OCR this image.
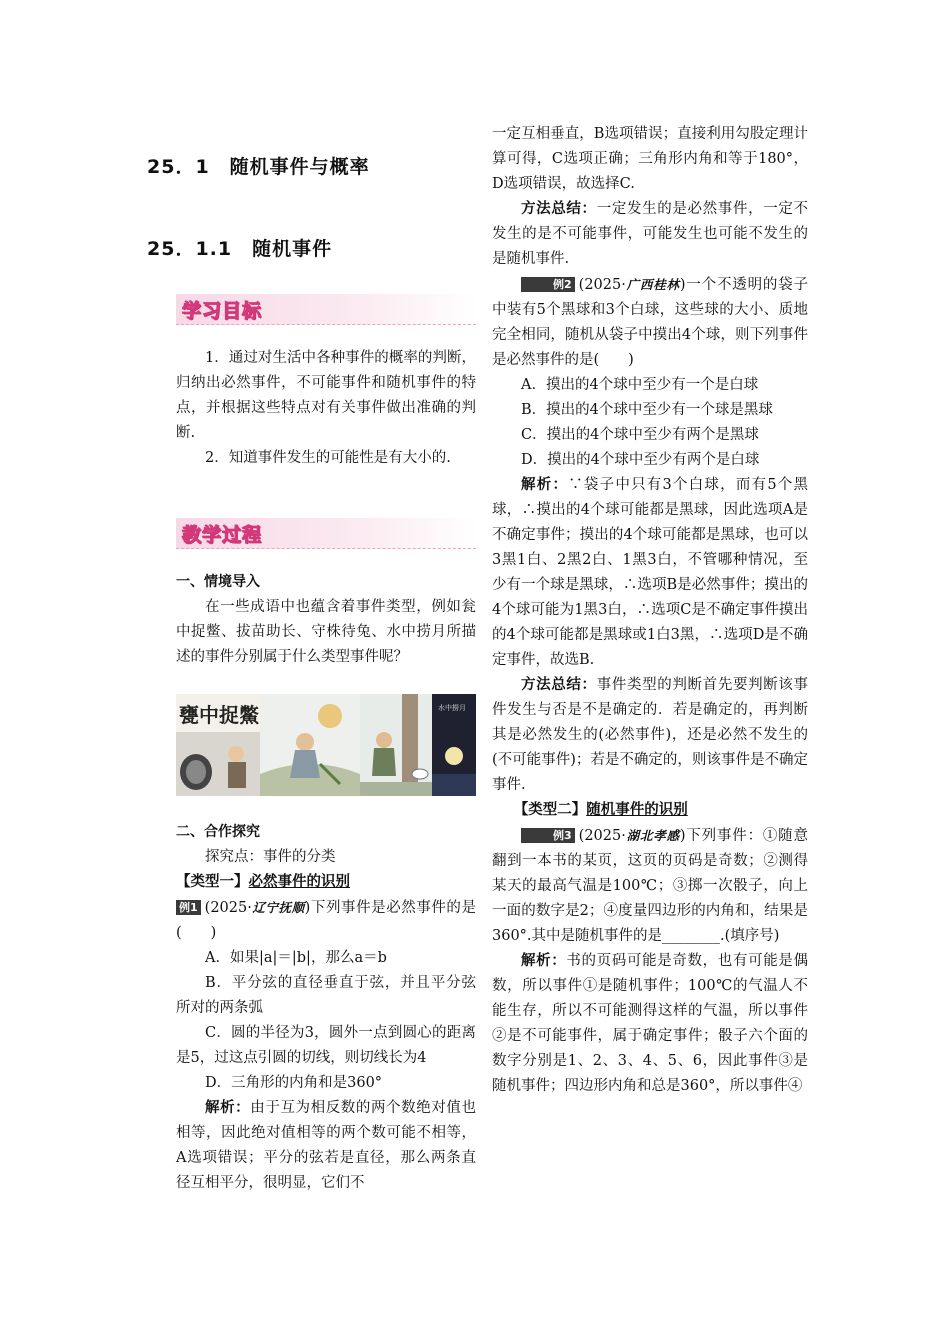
25．1　随机事件与概率
25．1.1　随机事件
学习目标

1．通过对生活中各种事件的概率的判断，归纳出必然事件，不可能事件和随机事件的特点，并根据这些特点对有关事件做出准确的判断.

2．知道事件发生的可能性是有大小的.

教学过程

一、情境导入

在一些成语中也蕴含着事件类型，例如瓮中捉鳖、拔苗助长、守株待兔、水中捞月所描述的事件分别属于什么类型事件呢？

甕中捉鱉	水中撈月

二、合作探究

探究点：事件的分类

【类型一】必然事件的识别

例1 (2025·辽宁抚顺)下列事件是必然事件的是(　　)

A．如果|a|＝|b|，那么a＝b

B．平分弦的直径垂直于弦，并且平分弦所对的两条弧

C．圆的半径为3，圆外一点到圆心的距离是5，过这点引圆的切线，则切线长为4

D．三角形的内角和是360°

解析：由于互为相反数的两个数绝对值也相等，因此绝对值相等的两个数可能不相等，A选项错误；平分的弦若是直径，那么两条直径互相平分，很明显，它们不

一定互相垂直，B选项错误；直接利用勾股定理计算可得，C选项正确；三角形内角和等于180°，D选项错误，故选择C.

方法总结：一定发生的是必然事件，一定不发生的是不可能事件，可能发生也可能不发生的是随机事件.

例2 (2025·广西桂林)一个不透明的袋子中装有5个黑球和3个白球，这些球的大小、质地完全相同，随机从袋子中摸出4个球，则下列事件是必然事件的是(　　)

A．摸出的4个球中至少有一个是白球

B．摸出的4个球中至少有一个球是黑球

C．摸出的4个球中至少有两个是黑球

D．摸出的4个球中至少有两个是白球

解析：∵袋子中只有3个白球，而有5个黑球，∴摸出的4个球可能都是黑球，因此选项A是不确定事件；摸出的4个球可能都是黑球，也可以3黑1白、2黑2白、1黑3白，不管哪种情况，至少有一个球是黑球，∴选项B是必然事件；摸出的4个球可能为1黑3白，∴选项C是不确定事件摸出的4个球可能都是黑球或1白3黑，∴选项D是不确定事件，故选B.

方法总结：事件类型的判断首先要判断该事件发生与否是不是确定的．若是确定的，再判断其是必然发生的(必然事件)，还是必然不发生的(不可能事件)；若是不确定的，则该事件是不确定事件.

【类型二】随机事件的识别

例3 (2025·湖北孝感)下列事件：①随意翻到一本书的某页，这页的页码是奇数；②测得某天的最高气温是100℃；③掷一次骰子，向上一面的数字是2；④度量四边形的内角和，结果是360°.其中是随机事件的是________.(填序号)

解析：书的页码可能是奇数，也有可能是偶数，所以事件①是随机事件；100℃的气温人不能生存，所以不可能测得这样的气温，所以事件②是不可能事件，属于确定事件；骰子六个面的数字分别是1、2、3、4、5、6，因此事件③是随机事件；四边形内角和总是360°，所以事件④
